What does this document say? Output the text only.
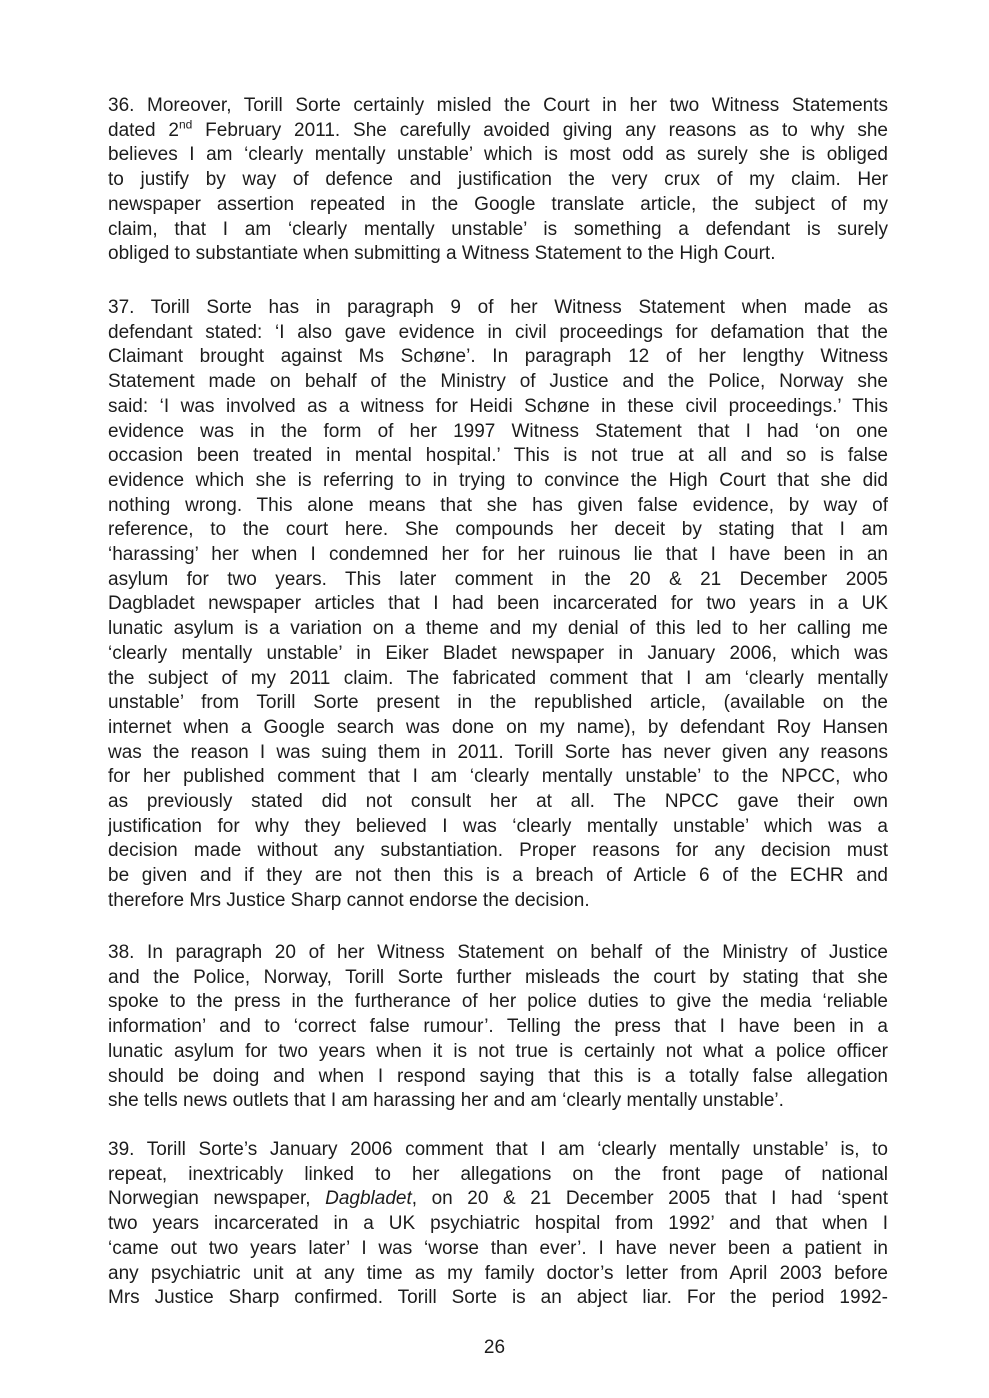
36. Moreover, Torill Sorte certainly misled the Court in her two Witness Statements
dated 2nd February 2011. She carefully avoided giving any reasons as to why she
believes I am ‘clearly mentally unstable’ which is most odd as surely she is obliged
to justify by way of defence and justification the very crux of my claim. Her
newspaper assertion repeated in the Google translate article, the subject of my
claim, that I am ‘clearly mentally unstable’ is something a defendant is surely
obliged to substantiate when submitting a Witness Statement to the High Court.

37. Torill Sorte has in paragraph 9 of her Witness Statement when made as
defendant stated: ‘I also gave evidence in civil proceedings for defamation that the
Claimant brought against Ms Schøne’. In paragraph 12 of her lengthy Witness
Statement made on behalf of the Ministry of Justice and the Police, Norway she
said: ‘I was involved as a witness for Heidi Schøne in these civil proceedings.’ This
evidence was in the form of her 1997 Witness Statement that I had ‘on one
occasion been treated in mental hospital.’ This is not true at all and so is false
evidence which she is referring to in trying to convince the High Court that she did
nothing wrong. This alone means that she has given false evidence, by way of
reference, to the court here. She compounds her deceit by stating that I am
‘harassing’ her when I condemned her for her ruinous lie that I have been in an
asylum for two years. This later comment in the 20 & 21 December 2005
Dagbladet newspaper articles that I had been incarcerated for two years in a UK
lunatic asylum is a variation on a theme and my denial of this led to her calling me
‘clearly mentally unstable’ in Eiker Bladet newspaper in January 2006, which was
the subject of my 2011 claim. The fabricated comment that I am ‘clearly mentally
unstable’ from Torill Sorte present in the republished article, (available on the
internet when a Google search was done on my name), by defendant Roy Hansen
was the reason I was suing them in 2011. Torill Sorte has never given any reasons
for her published comment that I am ‘clearly mentally unstable’ to the NPCC, who
as previously stated did not consult her at all. The NPCC gave their own
justification for why they believed I was ‘clearly mentally unstable’ which was a
decision made without any substantiation. Proper reasons for any decision must
be given and if they are not then this is a breach of Article 6 of the ECHR and
therefore Mrs Justice Sharp cannot endorse the decision.

38. In paragraph 20 of her Witness Statement on behalf of the Ministry of Justice
and the Police, Norway, Torill Sorte further misleads the court by stating that she
spoke to the press in the furtherance of her police duties to give the media ‘reliable
information’ and to ‘correct false rumour’. Telling the press that I have been in a
lunatic asylum for two years when it is not true is certainly not what a police officer
should be doing and when I respond saying that this is a totally false allegation
she tells news outlets that I am harassing her and am ‘clearly mentally unstable’.

39. Torill Sorte’s January 2006 comment that I am ‘clearly mentally unstable’ is, to
repeat, inextricably linked to her allegations on the front page of national
Norwegian newspaper, Dagbladet, on 20 & 21 December 2005 that I had ‘spent
two years incarcerated in a UK psychiatric hospital from 1992’ and that when I
‘came out two years later’ I was ‘worse than ever’. I have never been a patient in
any psychiatric unit at any time as my family doctor’s letter from April 2003 before
Mrs Justice Sharp confirmed. Torill Sorte is an abject liar. For the period 1992-

26
